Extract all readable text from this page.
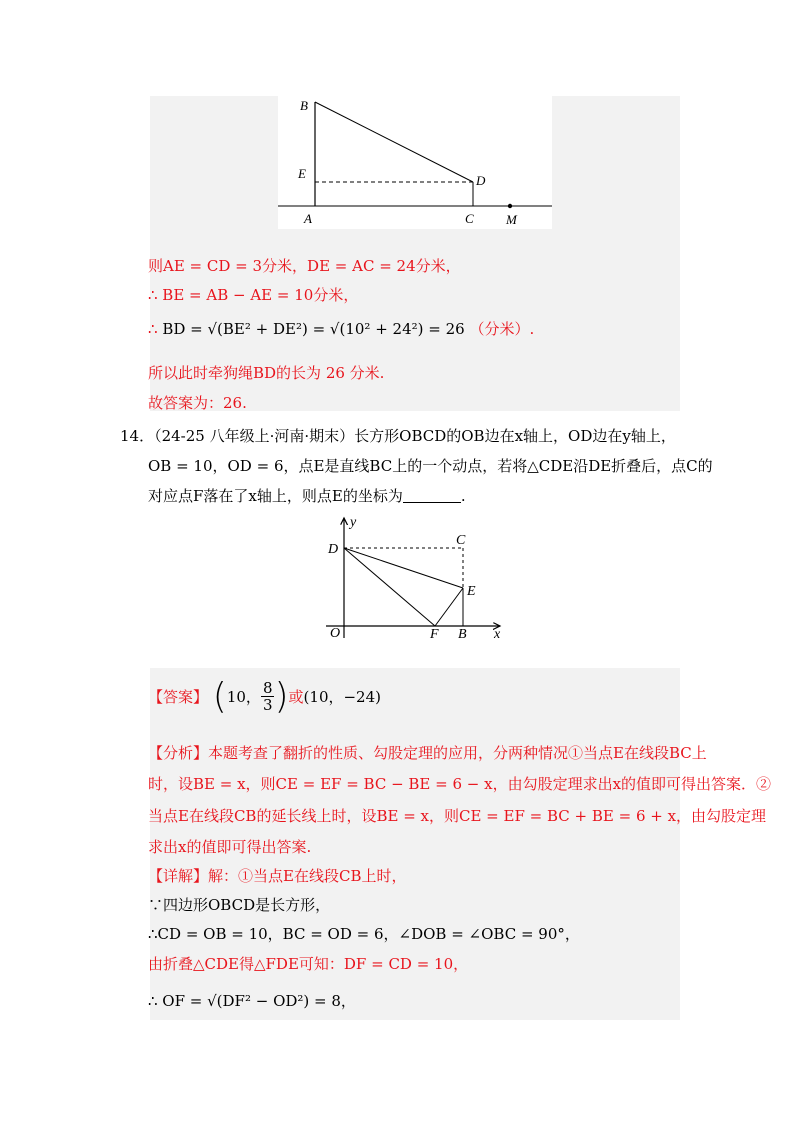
B
E	D
A	C M
则AE = CD = 3分米，DE = AC = 24分米，
∴ BE = AB − AE = 10分米，
∴ BD = √(BE² + DE²) = √(10² + 24²) = 26 （分米）.
所以此时牵狗绳BD的长为 26 分米.
故答案为：26.
14．（24-25 八年级上·河南·期末）长方形OBCD的OB边在x轴上，OD边在y轴上，
OB = 10，OD = 6，点E是直线BC上的一个动点，若将△CDE沿DE折叠后，点C的
对应点F落在了x轴上，则点E的坐标为	.
y
D
C
E
O	F B x
【答案】 (10， $\frac{8}{3}$ )或(10，−24)
【分析】本题考查了翻折的性质、勾股定理的应用，分两种情况①当点E在线段BC上
时，设BE = x，则CE = EF = BC − BE = 6 − x，由勾股定理求出x的值即可得出答案．②
当点E在线段CB的延长线上时，设BE = x，则CE = EF = BC + BE = 6 + x，由勾股定理
求出x的值即可得出答案.
【详解】解：①当点E在线段CB上时，
∵四边形OBCD是长方形，
∴CD = OB = 10，BC = OD = 6，∠DOB = ∠OBC = 90°，
由折叠△CDE得△FDE可知：DF = CD = 10，
∴ OF = √(DF² − OD²) = 8，
